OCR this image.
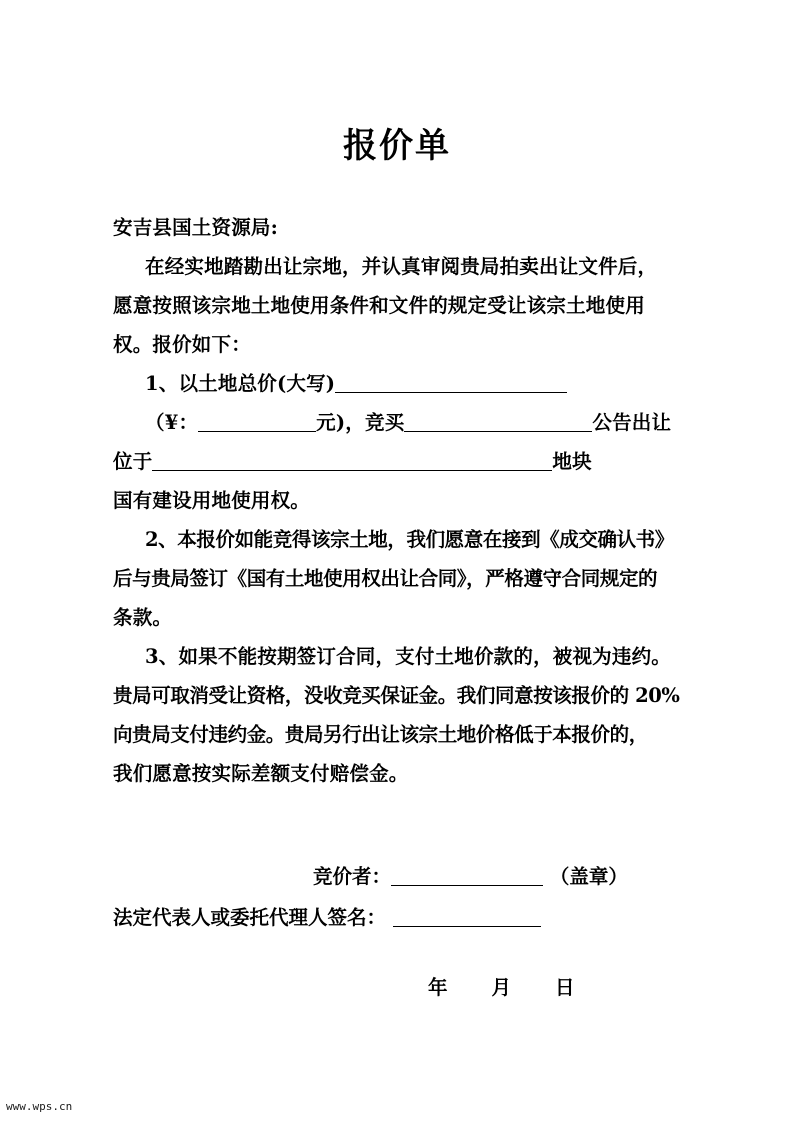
报价单
安吉县国土资源局:
在经实地踏勘出让宗地，并认真审阅贵局拍卖出让文件后，
愿意按照该宗地土地使用条件和文件的规定受让该宗土地使用
权。报价如下：
1、以土地总价(大写)
（¥：	元)，竞买	公告出让
位于	地块
国有建设用地使用权。
2、本报价如能竞得该宗土地，我们愿意在接到《成交确认书》
后与贵局签订《国有土地使用权出让合同》，严格遵守合同规定的
条款。
3、如果不能按期签订合同，支付土地价款的，被视为违约。
贵局可取消受让资格，没收竞买保证金。我们同意按该报价的 20%
向贵局支付违约金。贵局另行出让该宗土地价格低于本报价的，
我们愿意按实际差额支付赔偿金。
竞价者：	（盖章）
法定代表人或委托代理人签名：
年 月 日
www.wps.cn
